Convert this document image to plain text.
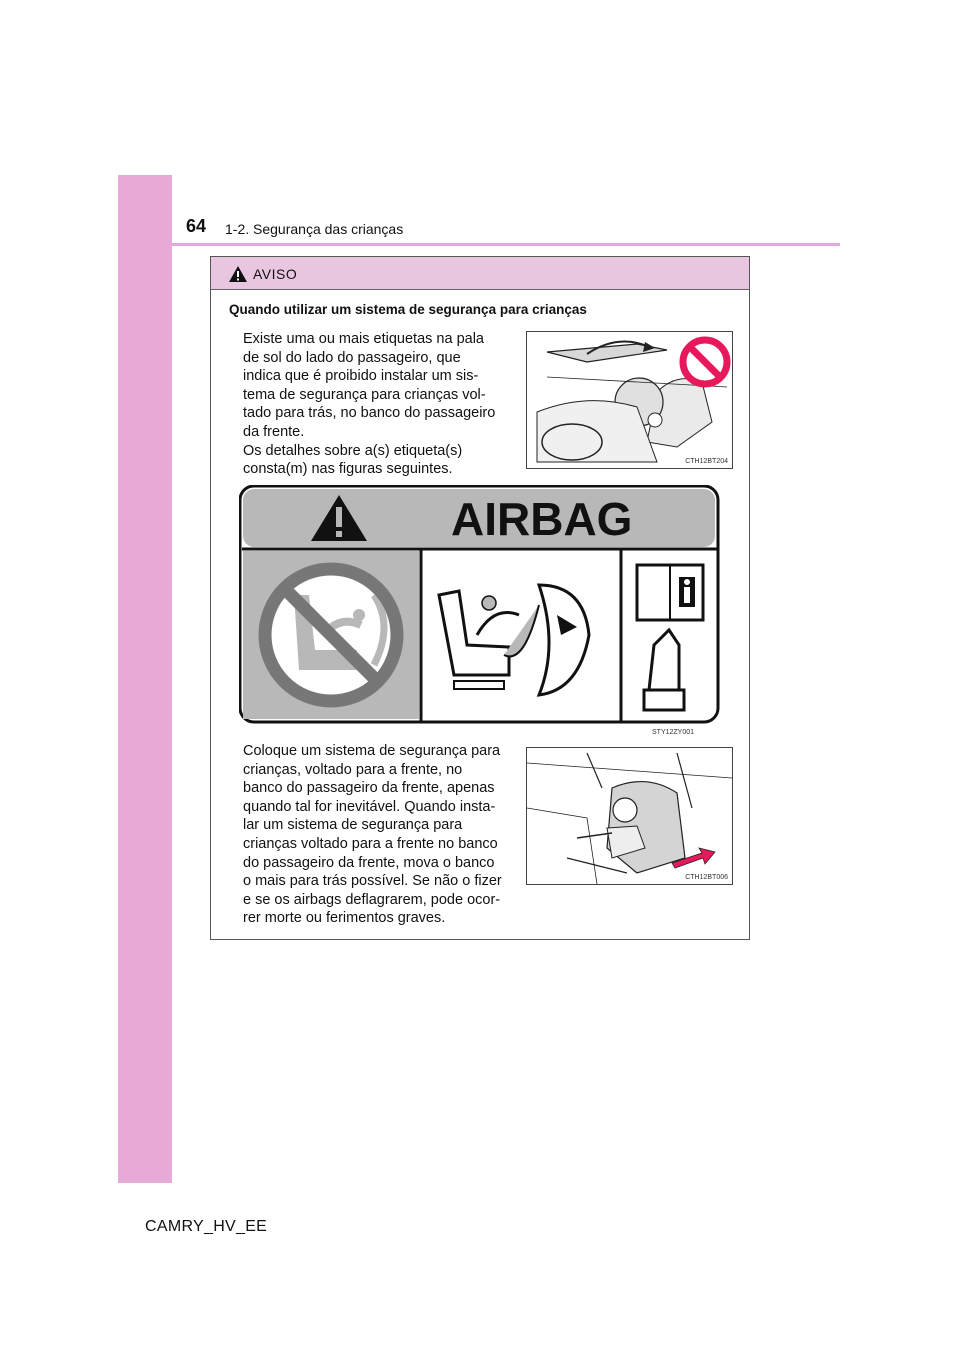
64 1-2. Segurança das crianças
AVISO
Quando utilizar um sistema de segurança para crianças
Existe uma ou mais etiquetas na pala
de sol do lado do passageiro, que
indica que é proibido instalar um sis-
tema de segurança para crianças vol-
tado para trás, no banco do passageiro
da frente.
Os detalhes sobre a(s) etiqueta(s)
consta(m) nas figuras seguintes.	CTH12BT204
AIRBAG
STY12ZY001
Coloque um sistema de segurança para
crianças, voltado para a frente, no
banco do passageiro da frente, apenas
quando tal for inevitável. Quando insta-
lar um sistema de segurança para
crianças voltado para a frente no banco
do passageiro da frente, mova o banco
o mais para trás possível. Se não o fizer
e se os airbags deflagrarem, pode ocor-
rer morte ou ferimentos graves.
CTH12BT006
CAMRY_HV_EE
